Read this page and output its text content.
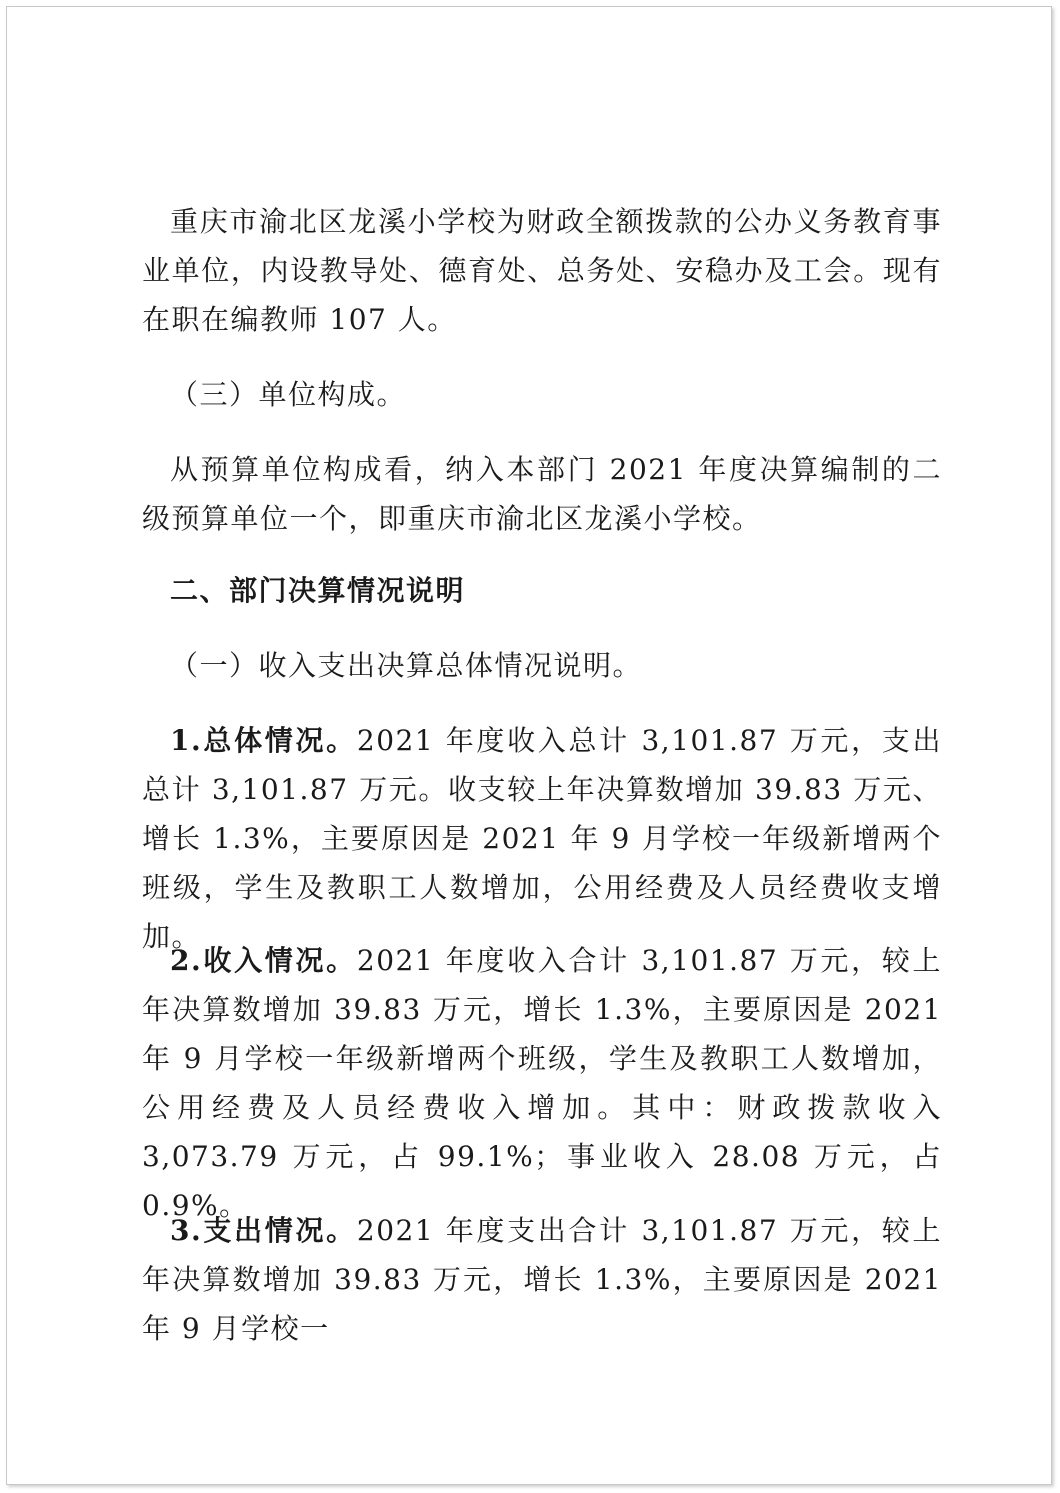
重庆市渝北区龙溪小学校为财政全额拨款的公办义务教育事业单位，内设教导处、德育处、总务处、安稳办及工会。现有在职在编教师 107 人。

（三）单位构成。

从预算单位构成看，纳入本部门 2021 年度决算编制的二级预算单位一个，即重庆市渝北区龙溪小学校。

二、部门决算情况说明

（一）收入支出决算总体情况说明。

1.总体情况。2021 年度收入总计 3,101.87 万元，支出总计 3,101.87 万元。收支较上年决算数增加 39.83 万元、增长 1.3%，主要原因是 2021 年 9 月学校一年级新增两个班级，学生及教职工人数增加，公用经费及人员经费收支增加。

2.收入情况。2021 年度收入合计 3,101.87 万元，较上年决算数增加 39.83 万元，增长 1.3%，主要原因是 2021 年 9 月学校一年级新增两个班级，学生及教职工人数增加，公用经费及人员经费收入增加。其中：财政拨款收入 3,073.79 万元，占 99.1%；事业收入 28.08 万元，占 0.9%。

3.支出情况。2021 年度支出合计 3,101.87 万元，较上年决算数增加 39.83 万元，增长 1.3%，主要原因是 2021 年 9 月学校一
